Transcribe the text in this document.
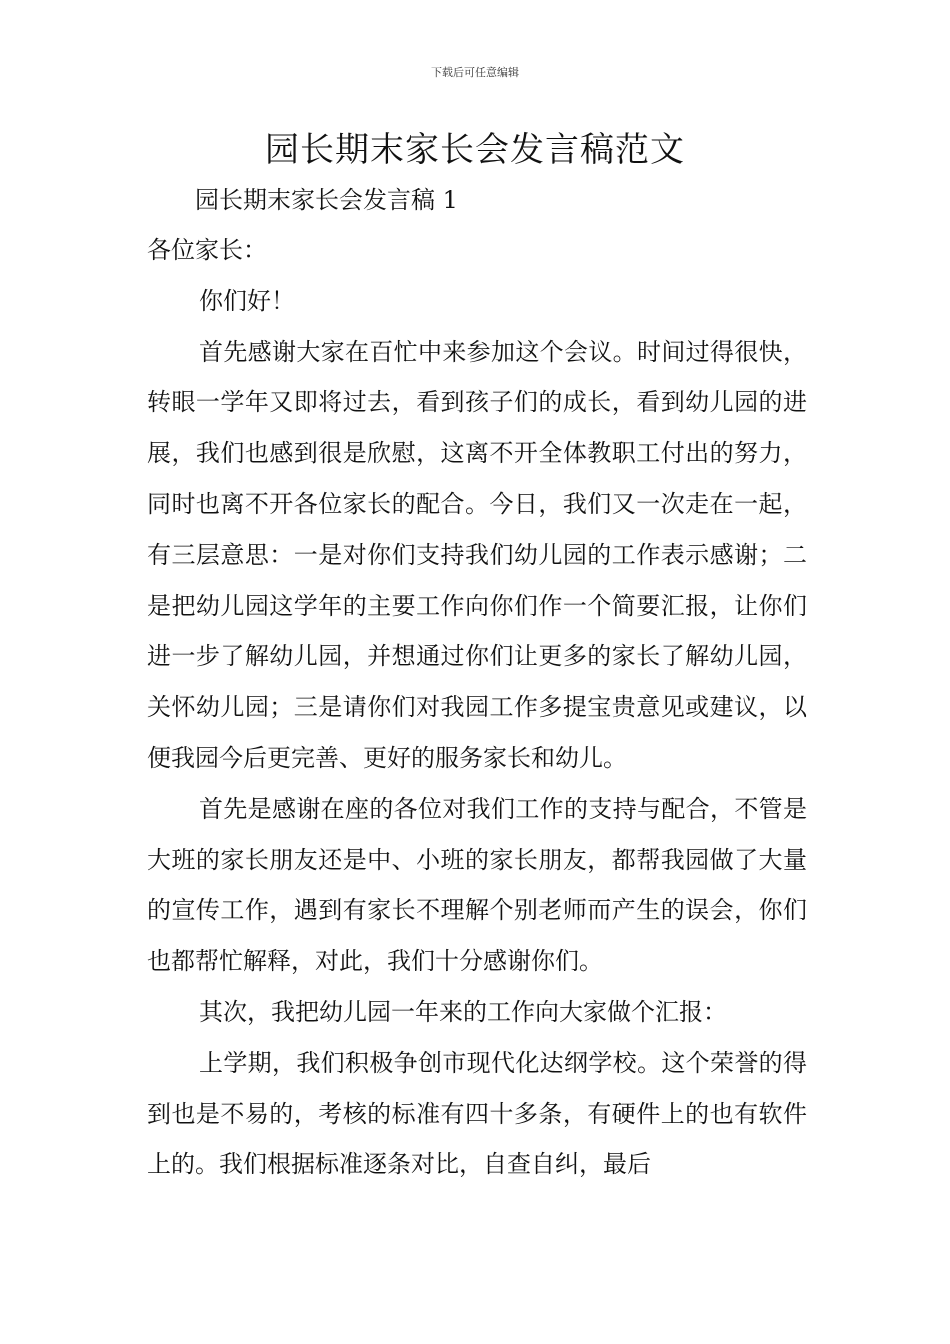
下载后可任意编辑
园长期末家长会发言稿范文

园长期末家长会发言稿 1

各位家长：

你们好！

首先感谢大家在百忙中来参加这个会议。时间过得很快，转眼一学年又即将过去，看到孩子们的成长，看到幼儿园的进展，我们也感到很是欣慰，这离不开全体教职工付出的努力，同时也离不开各位家长的配合。今日，我们又一次走在一起，有三层意思：一是对你们支持我们幼儿园的工作表示感谢；二是把幼儿园这学年的主要工作向你们作一个简要汇报，让你们进一步了解幼儿园，并想通过你们让更多的家长了解幼儿园，关怀幼儿园；三是请你们对我园工作多提宝贵意见或建议，以便我园今后更完善、更好的服务家长和幼儿。

首先是感谢在座的各位对我们工作的支持与配合，不管是大班的家长朋友还是中、小班的家长朋友，都帮我园做了大量的宣传工作，遇到有家长不理解个别老师而产生的误会，你们也都帮忙解释，对此，我们十分感谢你们。

其次，我把幼儿园一年来的工作向大家做个汇报：

上学期，我们积极争创市现代化达纲学校。这个荣誉的得到也是不易的，考核的标准有四十多条，有硬件上的也有软件上的。我们根据标准逐条对比，自查自纠，最后
